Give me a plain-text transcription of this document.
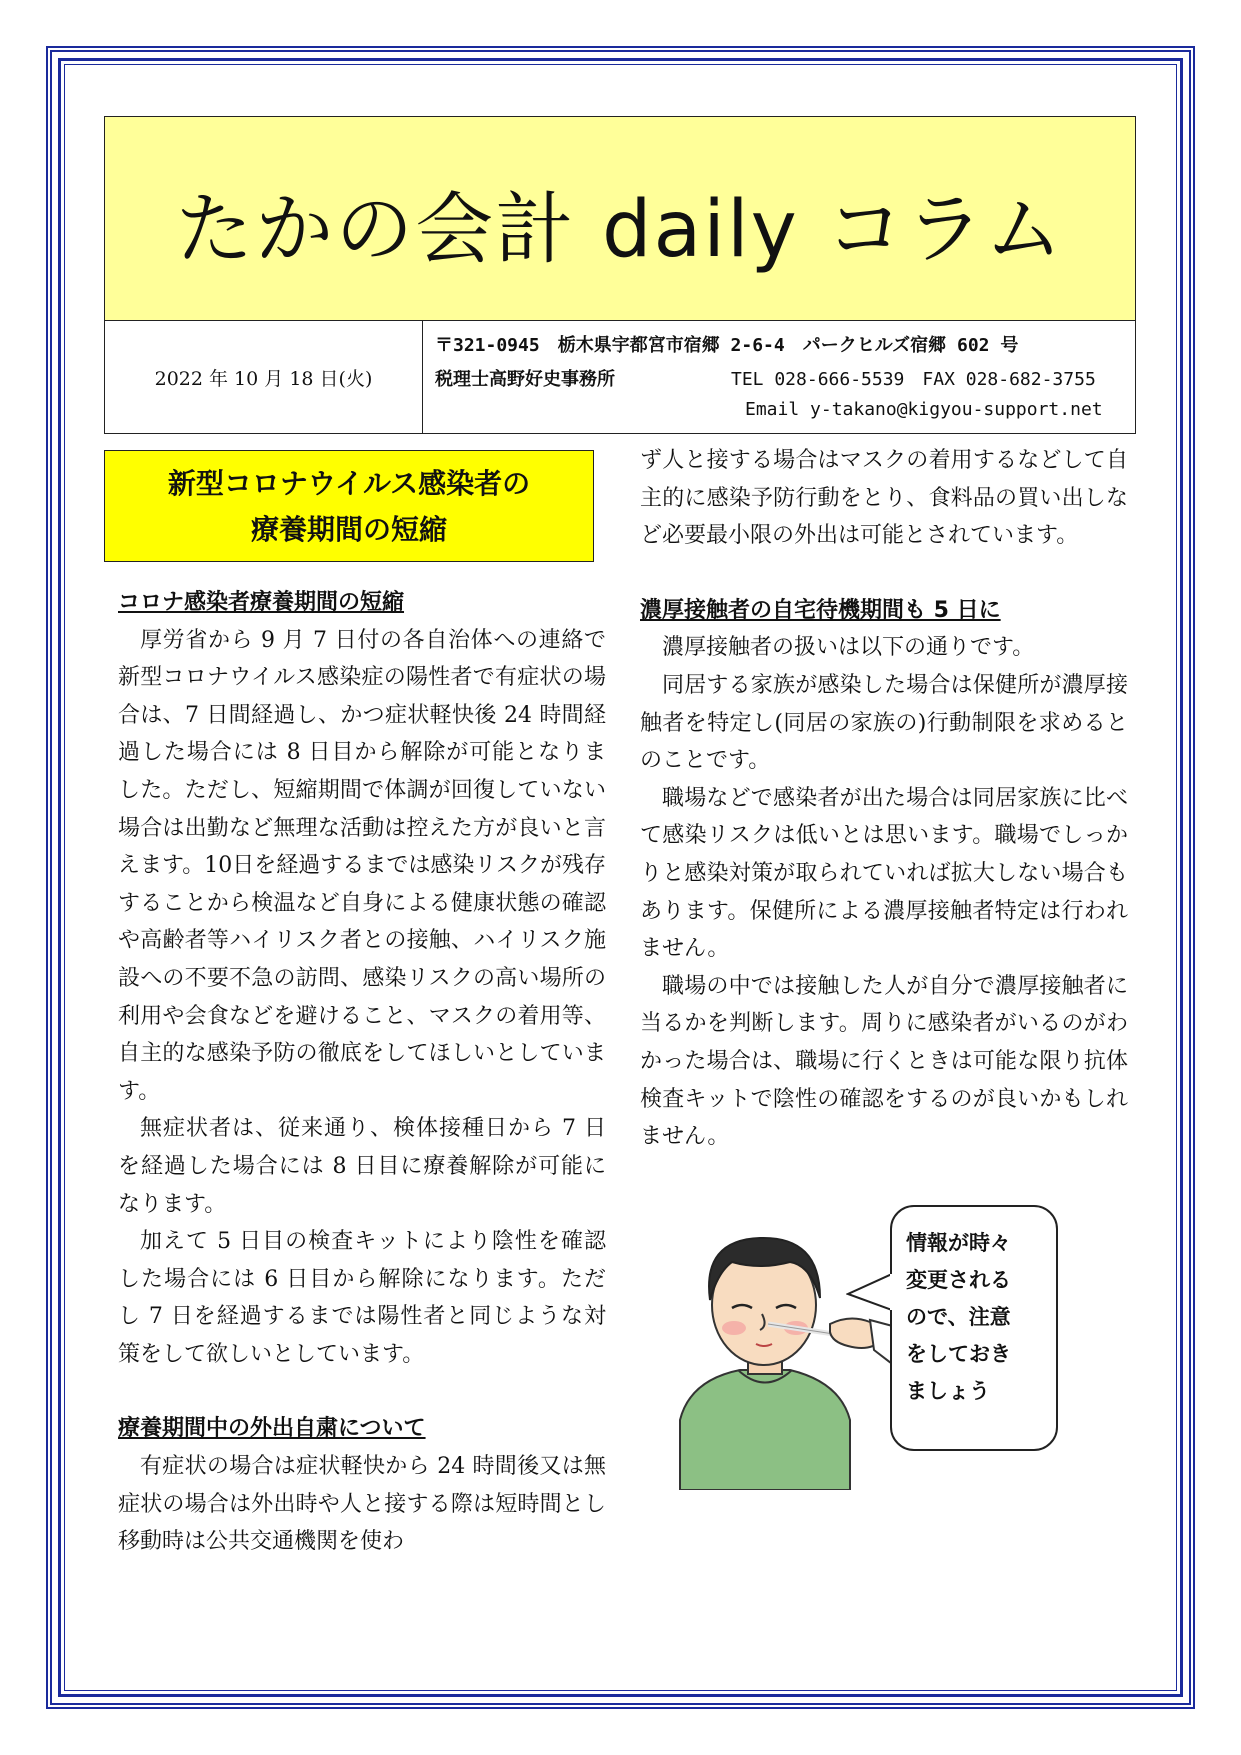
たかの会計 daily コラム
2022 年 10 月 18 日(火)
〒321-0945　栃木県宇都宮市宿郷 2-6-4　パークヒルズ宿郷 602 号
税理士高野好史事務所	TEL 028-666-5539　FAX 028-682-3755
Email y-takano@kigyou-support.net
新型コロナウイルス感染者の
療養期間の短縮
コロナ感染者療養期間の短縮

厚労省から 9 月 7 日付の各自治体への連絡で新型コロナウイルス感染症の陽性者で有症状の場合は、7 日間経過し、かつ症状軽快後 24 時間経過した場合には 8 日目から解除が可能となりました。ただし、短縮期間で体調が回復していない場合は出勤など無理な活動は控えた方が良いと言えます。10日を経過するまでは感染リスクが残存することから検温など自身による健康状態の確認や高齢者等ハイリスク者との接触、ハイリスク施設への不要不急の訪問、感染リスクの高い場所の利用や会食などを避けること、マスクの着用等、自主的な感染予防の徹底をしてほしいとしています。

無症状者は、従来通り、検体接種日から 7 日を経過した場合には 8 日目に療養解除が可能になります。

加えて 5 日目の検査キットにより陰性を確認した場合には 6 日目から解除になります。ただし 7 日を経過するまでは陽性者と同じような対策をして欲しいとしています。

療養期間中の外出自粛について

有症状の場合は症状軽快から 24 時間後又は無症状の場合は外出時や人と接する際は短時間とし移動時は公共交通機関を使わ

ず人と接する場合はマスクの着用するなどして自主的に感染予防行動をとり、食料品の買い出しなど必要最小限の外出は可能とされています。

濃厚接触者の自宅待機期間も 5 日に

濃厚接触者の扱いは以下の通りです。

同居する家族が感染した場合は保健所が濃厚接触者を特定し(同居の家族の)行動制限を求めるとのことです。

職場などで感染者が出た場合は同居家族に比べて感染リスクは低いとは思います。職場でしっかりと感染対策が取られていれば拡大しない場合もあります。保健所による濃厚接触者特定は行われません。

職場の中では接触した人が自分で濃厚接触者に当るかを判断します。周りに感染者がいるのがわかった場合は、職場に行くときは可能な限り抗体検査キットで陰性の確認をするのが良いかもしれません。

情報が時々
変更される
ので、注意
をしておき
ましょう
